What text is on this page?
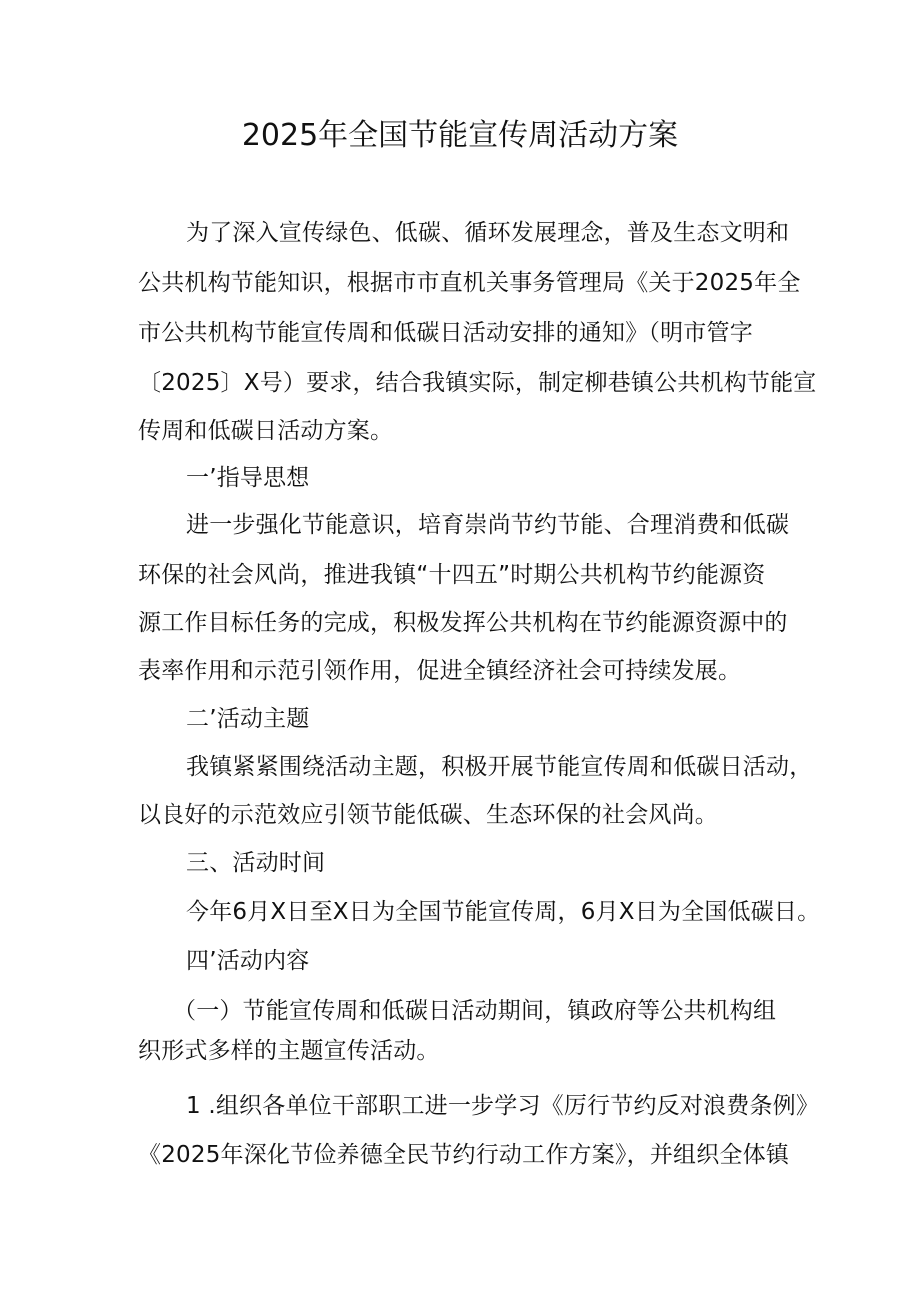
2025年全国节能宣传周活动方案
为了深入宣传绿色、低碳、循环发展理念，普及生态文明和
公共机构节能知识，根据市市直机关事务管理局《关于2025年全
市公共机构节能宣传周和低碳日活动安排的通知》（明市管字
〔2025〕X号）要求，结合我镇实际，制定柳巷镇公共机构节能宣
传周和低碳日活动方案。
一’指导思想
进一步强化节能意识，培育崇尚节约节能、合理消费和低碳
环保的社会风尚，推进我镇“十四五”时期公共机构节约能源资
源工作目标任务的完成，积极发挥公共机构在节约能源资源中的
表率作用和示范引领作用，促进全镇经济社会可持续发展。
二’活动主题
我镇紧紧围绕活动主题，积极开展节能宣传周和低碳日活动，
以良好的示范效应引领节能低碳、生态环保的社会风尚。
三、活动时间
今年6月X日至X日为全国节能宣传周，6月X日为全国低碳日。
四’活动内容
（一）节能宣传周和低碳日活动期间，镇政府等公共机构组
织形式多样的主题宣传活动。
1 .组织各单位干部职工进一步学习《厉行节约反对浪费条例》
《2025年深化节俭养德全民节约行动工作方案》，并组织全体镇
